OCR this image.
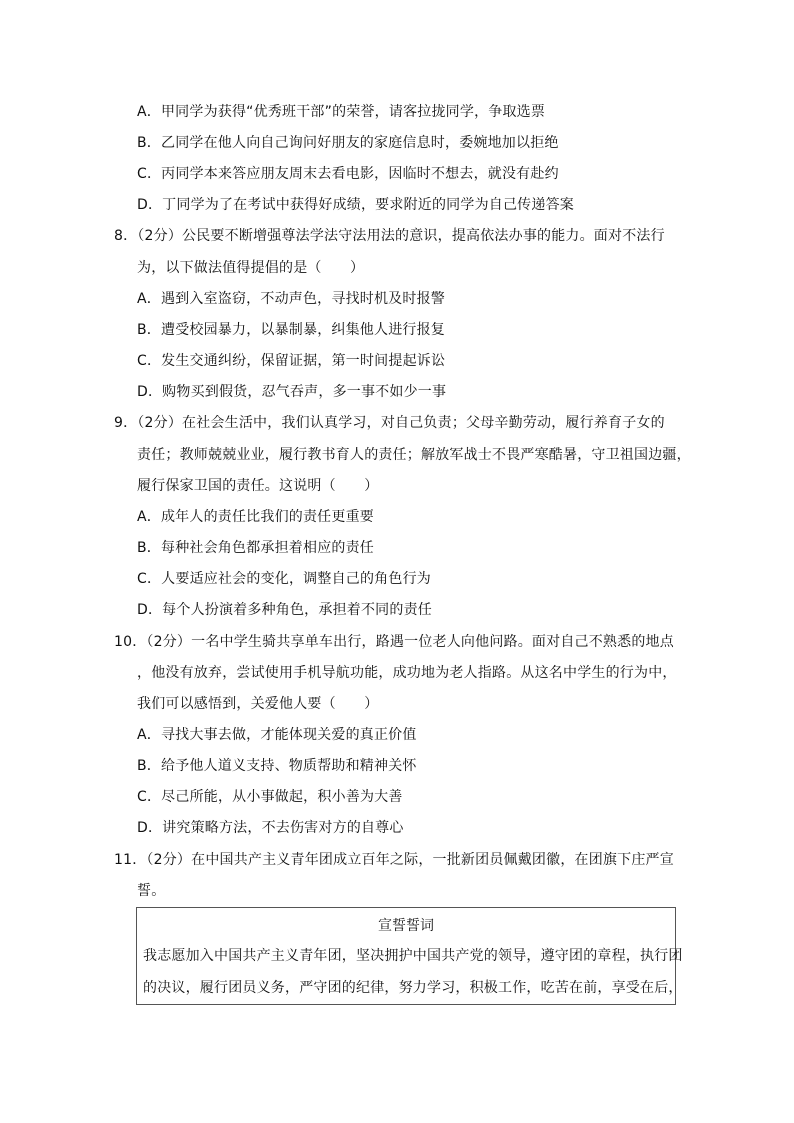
A．甲同学为获得“优秀班干部”的荣誉，请客拉拢同学，争取选票
B．乙同学在他人向自己询问好朋友的家庭信息时，委婉地加以拒绝
C．丙同学本来答应朋友周末去看电影，因临时不想去，就没有赴约
D．丁同学为了在考试中获得好成绩，要求附近的同学为自己传递答案
8．（2分）公民要不断增强尊法学法守法用法的意识，提高依法办事的能力。面对不法行
为，以下做法值得提倡的是（　　）
A．遇到入室盗窃，不动声色，寻找时机及时报警
B．遭受校园暴力，以暴制暴，纠集他人进行报复
C．发生交通纠纷，保留证据，第一时间提起诉讼
D．购物买到假货，忍气吞声，多一事不如少一事
9．（2分）在社会生活中，我们认真学习，对自己负责；父母辛勤劳动，履行养育子女的
责任；教师兢兢业业，履行教书育人的责任；解放军战士不畏严寒酷暑，守卫祖国边疆，
履行保家卫国的责任。这说明（　　）
A．成年人的责任比我们的责任更重要
B．每种社会角色都承担着相应的责任
C．人要适应社会的变化，调整自己的角色行为
D．每个人扮演着多种角色，承担着不同的责任
10．（2分）一名中学生骑共享单车出行，路遇一位老人向他问路。面对自己不熟悉的地点
，他没有放弃，尝试使用手机导航功能，成功地为老人指路。从这名中学生的行为中，
我们可以感悟到，关爱他人要（　　）
A．寻找大事去做，才能体现关爱的真正价值
B．给予他人道义支持、物质帮助和精神关怀
C．尽己所能，从小事做起，积小善为大善
D．讲究策略方法，不去伤害对方的自尊心
11．（2分）在中国共产主义青年团成立百年之际，一批新团员佩戴团徽，在团旗下庄严宣
誓。
宣誓誓词
我志愿加入中国共产主义青年团，坚决拥护中国共产党的领导，遵守团的章程，执行团
的决议，履行团员义务，严守团的纪律，努力学习，积极工作，吃苦在前，享受在后，
